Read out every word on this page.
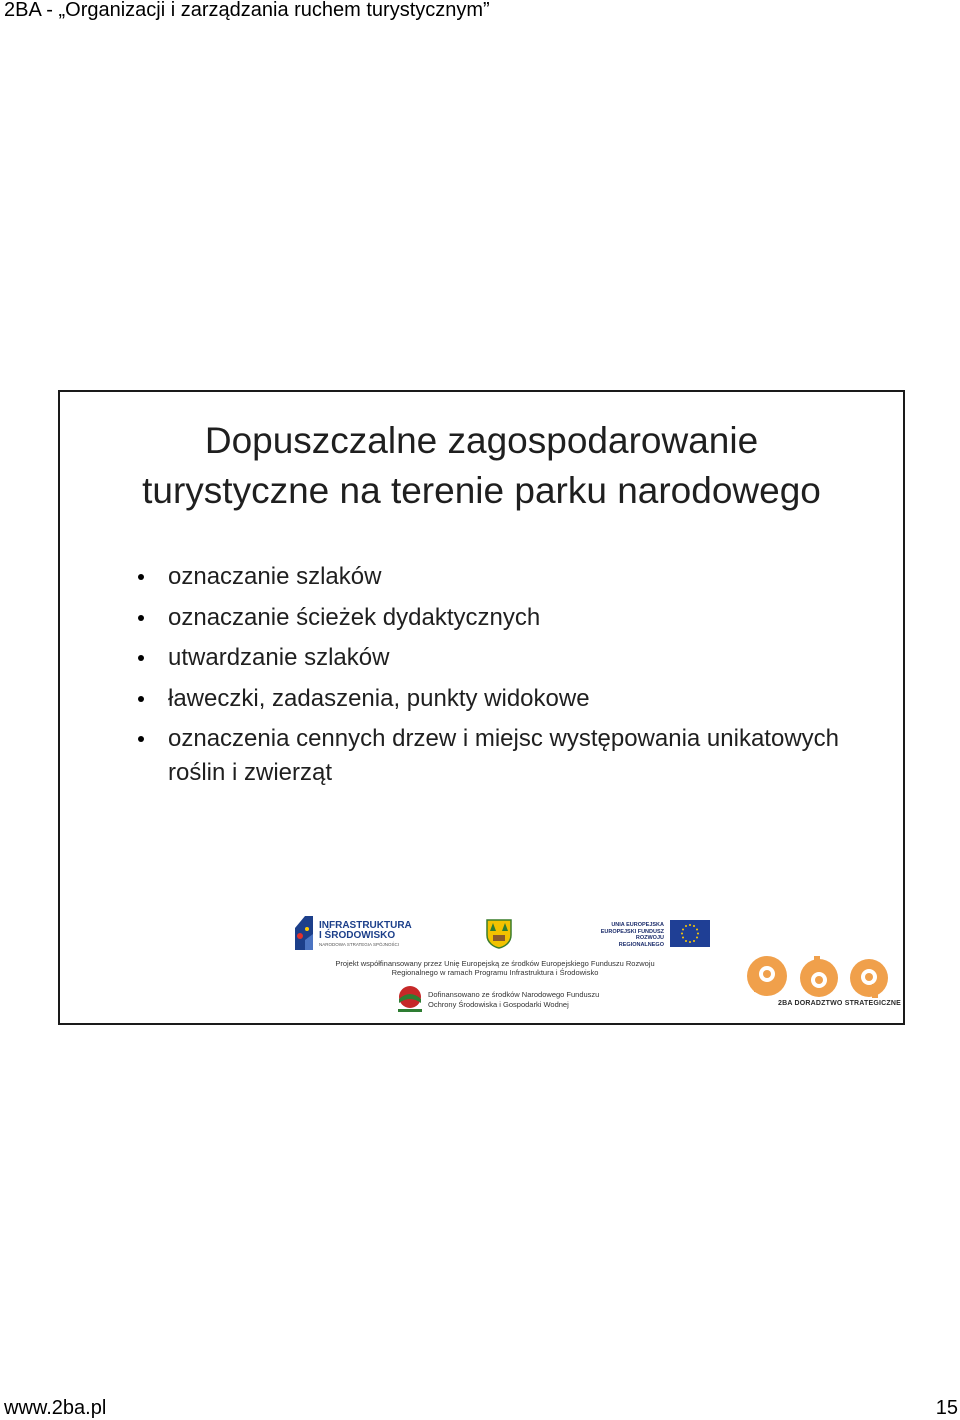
2BA - „Organizacji i zarządzania ruchem turystycznym”
Dopuszczalne zagospodarowanie
turystyczne na terenie parku narodowego
oznaczanie szlaków
oznaczanie ścieżek dydaktycznych
utwardzanie szlaków
ławeczki, zadaszenia, punkty widokowe
oznaczenia cennych drzew i miejsc występowania unikatowych roślin i zwierząt
INFRASTRUKTURA I ŚRODOWISKO
NARODOWA STRATEGIA SPÓJNOŚCI
UNIA EUROPEJSKA EUROPEJSKI FUNDUSZ ROZWOJU REGIONALNEGO
Projekt współfinansowany przez Unię Europejską ze środków Europejskiego Funduszu Rozwoju
Regionalnego w ramach Programu Infrastruktura i Środowisko
Dofinansowano ze środków Narodowego Funduszu
Ochrony Środowiska i Gospodarki Wodnej	2BA DORADZTWO STRATEGICZNE
www.2ba.pl	15
